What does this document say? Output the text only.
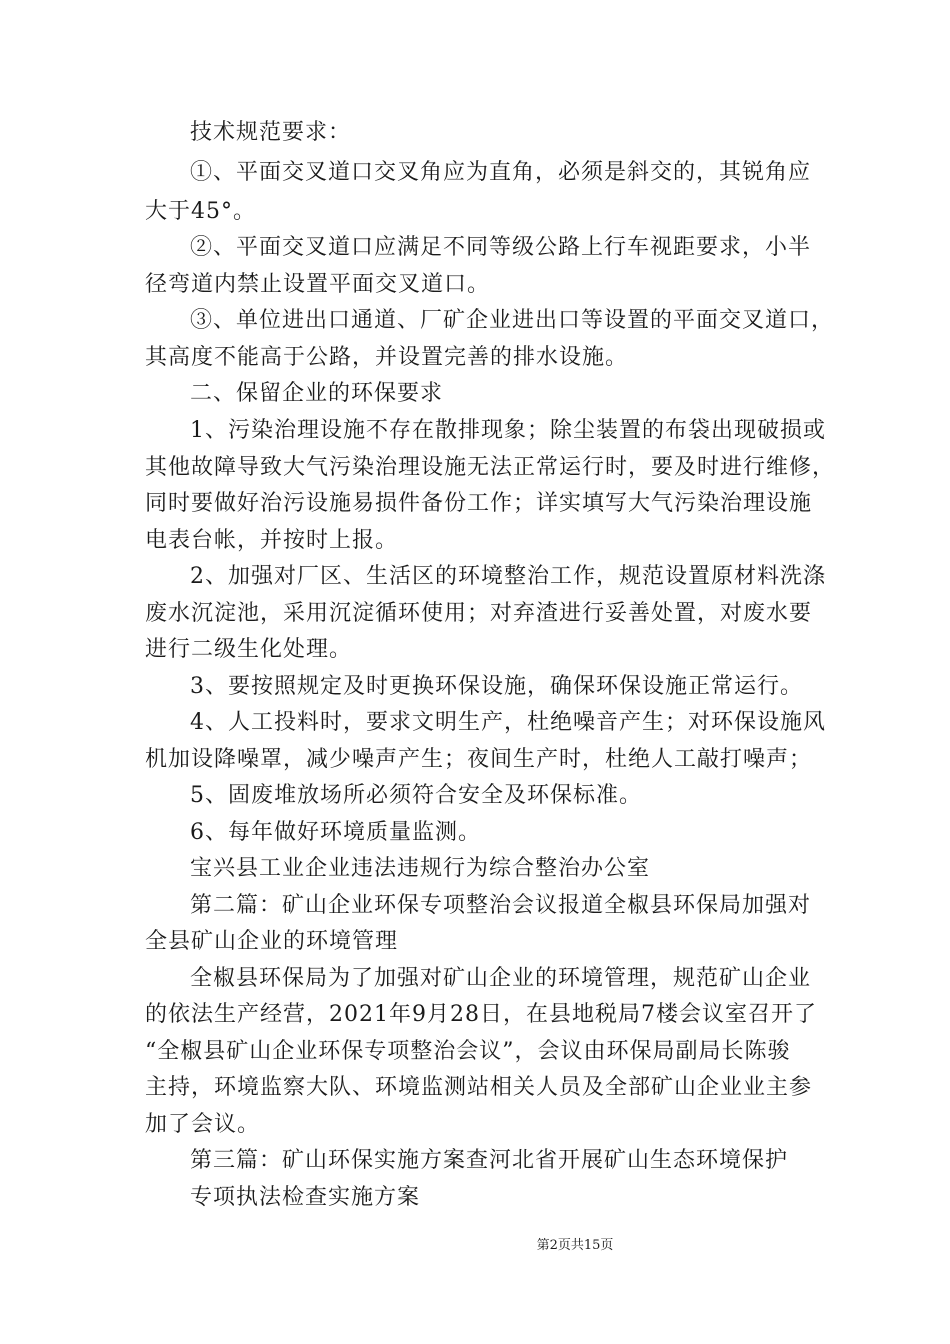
技术规范要求：
①、平面交叉道口交叉角应为直角，必须是斜交的，其锐角应
大于45°。
②、平面交叉道口应满足不同等级公路上行车视距要求，小半
径弯道内禁止设置平面交叉道口。
③、单位进出口通道、厂矿企业进出口等设置的平面交叉道口，
其高度不能高于公路，并设置完善的排水设施。
二、保留企业的环保要求
1、污染治理设施不存在散排现象；除尘装置的布袋出现破损或
其他故障导致大气污染治理设施无法正常运行时，要及时进行维修，
同时要做好治污设施易损件备份工作；详实填写大气污染治理设施
电表台帐，并按时上报。
2、加强对厂区、生活区的环境整治工作，规范设置原材料洗涤
废水沉淀池，采用沉淀循环使用；对弃渣进行妥善处置，对废水要
进行二级生化处理。
3、要按照规定及时更换环保设施，确保环保设施正常运行。
4、人工投料时，要求文明生产，杜绝噪音产生；对环保设施风
机加设降噪罩，减少噪声产生；夜间生产时，杜绝人工敲打噪声；
5、固废堆放场所必须符合安全及环保标准。
6、每年做好环境质量监测。
宝兴县工业企业违法违规行为综合整治办公室
第二篇：矿山企业环保专项整治会议报道全椒县环保局加强对
全县矿山企业的环境管理
全椒县环保局为了加强对矿山企业的环境管理，规范矿山企业
的依法生产经营，2021年9月28日，在县地税局7楼会议室召开了
“全椒县矿山企业环保专项整治会议”，会议由环保局副局长陈骏
主持，环境监察大队、环境监测站相关人员及全部矿山企业业主参
加了会议。
第三篇：矿山环保实施方案查河北省开展矿山生态环境保护
专项执法检查实施方案
第2页共15页
